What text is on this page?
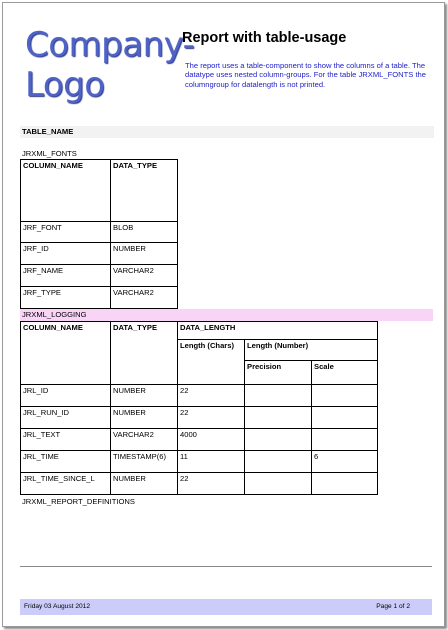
Company-
Logo
Report with table-usage
The report uses a table-component to show the columns of a table. The datatype uses nested column-groups. For the table JRXML_FONTS the columngroup for datalength is not printed.
TABLE_NAME
JRXML_FONTS
COLUMN_NAME	DATA_TYPE
JRF_FONT	BLOB
JRF_ID	NUMBER
JRF_NAME	VARCHAR2
JRF_TYPE	VARCHAR2
JRXML_LOGGING
COLUMN_NAME	DATA_TYPE	DATA_LENGTH		
		Length (Chars)	Length (Number)	
			Precision	Scale
JRL_ID	NUMBER	22		
JRL_RUN_ID	NUMBER	22		
JRL_TEXT	VARCHAR2	4000		
JRL_TIME	TIMESTAMP(6)	11		6
JRL_TIME_SINCE_L	NUMBER	22		
JRXML_REPORT_DEFINITIONS
Friday 03 August 2012	Page 1 of 2
